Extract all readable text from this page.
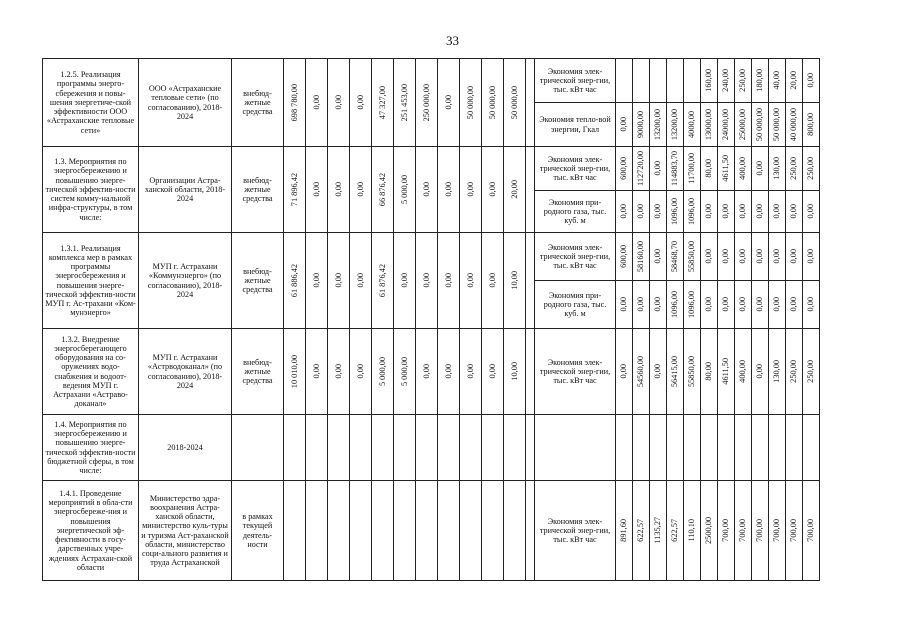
33
1.2.5. Реализация программы энерго-сбережения и повы-шения энергетиче-ской эффективности ООО «Астраханские тепловые сети»	ООО «Астраханские тепловые сети» (по согласованию), 2018-2024	внебюд-жетные средства	698 780,00	0,00	0,00	0,00	47 327,00	251 453,00	250 000,00	0,00	50 000,00	50 000,00	50 000,00		Экономия элек-трической энер-гии, тыс. кВт час						160,00	240,00	250,00	180,00	40,00	20,00	0,00

															Экономия тепло-вой энергии, Гкал	0,00	9000,00	13200,00	13200,00	4000,00	13000,00	24000,00	25000,00	50 000,00	50 000,00	40 000,00	800,00

1.3. Мероприятия по энергосбережению и повышению энерге-тической эффектив-ности систем комму-нальной инфра-структуры, в том числе:	Организации Астра-ханской области, 2018-2024	внебюд-жетные средства	71 896,42	0,00	0,00	0,00	66 876,42	5 000,00	0,00	0,00	0,00	0,00	20,00		Экономия элек-трической энер-гии, тыс. кВт час	600,00	112720,00	0,00	114883,70	11700,00	80,00	4611,50	400,00	0,00	130,00	250,00	250,00

															Экономия при-родного газа, тыс. куб. м	0,00	0,00	0,00	1096,00	1096,00	0,00	0,00	0,00	0,00	0,00	0,00	0,00

1.3.1. Реализация комплекса мер в рамках программы энергосбережения и повышения энерге-тической эффектив-ности МУП г. Ас-трахани «Ком-мунэнерго»	МУП г. Астрахани «Коммунэнерго» (по согласованию), 2018-2024	внебюд-жетные средства	61 886,42	0,00	0,00	0,00	61 876,42	0,00	0,00	0,00	0,00	0,00	10,00		Экономия элек-трической энер-гии, тыс. кВт час	600,00	58160,00	0,00	58468,70	55850,00	0,00	0,00	0,00	0,00	0,00	0,00	0,00

															Экономия при-родного газа, тыс. куб. м	0,00	0,00	0,00	1096,00	1096,00	0,00	0,00	0,00	0,00	0,00	0,00	0,00

1.3.2. Внедрение энергосберегающего оборудования на со-оружениях водо-снабжения и водоот-ведения МУП г. Астрахани «Астраво-доканал»	МУП г. Астрахани «Астрводоканал» (по согласованию), 2018-2024	внебюд-жетные средства	10 010,00	0,00	0,00	0,00	5 000,00	5 000,00	0,00	0,00	0,00	0,00	10,00		Экономия элек-трической энер-гии, тыс. кВт час	0,00	54560,00	0,00	56415,00	55850,00	80,00	4611,50	400,00	0,00	130,00	250,00	250,00

1.4. Мероприятия по энергосбережению и повышению энерге-тической эффектив-ности бюджетной сферы, в том числе:	2018-2024		

1.4.1. Проведение мероприятий в обла-сти энергосбереже-ния и повышения энергетической эф-фективности в госу-дарственных учре-ждениях Астрахан-ской области	Министерство здра-воохранения Астра-ханской области, министерство куль-туры и туризма Аст-раханской области, министерство соци-ального развития и труда Астраханской	в рамках текущей деятель-ности													Экономия элек-трической энер-гии, тыс. кВт час	891,60	622,57	1135,27	622,57	110,10	2500,00	700,00	700,00	700,00	700,00	700,00	700,00
